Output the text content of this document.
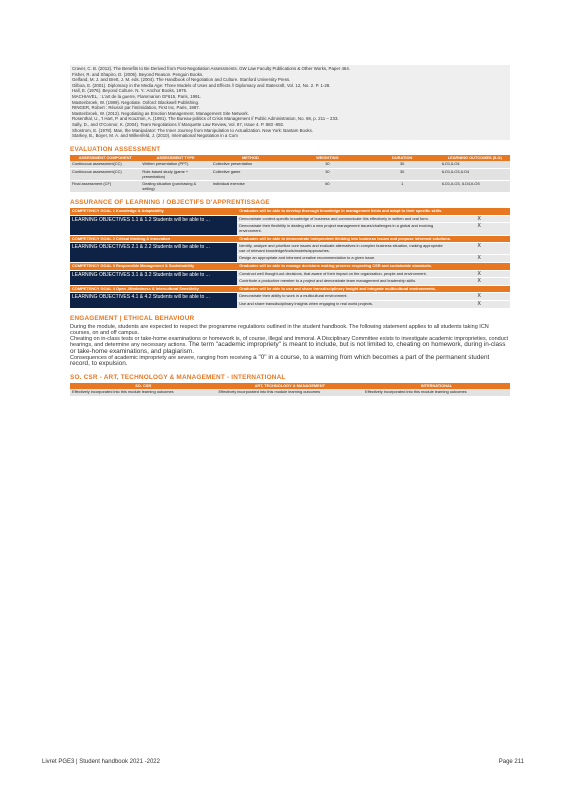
Craver, C. B. (2012). The Benefits to Be Derived from Post-Negotiation Assessments. GW Law Faculty Publications & Other Works, Paper 464.

Fisher, R. and Shapiro, D. (2005). Beyond Reason. Penguin Books.

Gelfand, M. J. and Brett, J. M. eds. (2004). The Handbook of Negotiation and Culture. Stanford University Press.

Gilboa, E. (2001). Diplomacy in the Media Age: Three Models of Uses and Effects // Diplomacy and Statecraft, Vol. 12, No. 2. P. 1-28.

Hall, E. (1976). Beyond Culture. N. Y.: Anchor Books, 1976.

MACHIAVEL, : L'art de la guerre, Flammarion GF615, Paris, 1991.

Mastenbroek, W. (1989). Negotiate. Oxford: Blackwell Publishing.

RINGER, Robert : Réussir par l'intimidation, First Inc, Paris, 1987.

Mastenbroek, W. (2012). Negotiating as Emotion Management. Management Site Network.

Rosenthal, U., 't Hart, P. and Kouzmin, A. (1991). The Bureau-politics of Crisis Management // Public Administration, No. 69, p. 211 – 233.

Sally, D., and O'Connor, K. (2004). Team Negotiations // Marquette Law Review, Vol. 87, Issue 4. P. 883 -892.

Shostrom, E. (1978). Man, the Manipulator: The Inner Journey from Manipulation to Actualization. New York: Bantam Books.

Starkey, B., Boyer, M. A. and Wilkenfeld, J. (2010). International Negotiation in a Com

EVALUATION ASSESSMENT
ASSESSMENT COMPONENT	ASSESSMENT TYPE	METHOD	WEIGHTING	DURATION	LEARNING OUTCOMES (ILO)
Continuous assessment(CC)	Written presentation (PPT)	Collective presentation	30	30	ILO1,ILO4
Continuous assessment(CC)	Role-based study (game + presentation)	Collective game	30	30	ILO1,ILO3,ILO4
Final assessment (CF)	Dealing situation (purchasing & selling)	Individual exercise	60	1	ILO1,ILO3, ILO4,ILO5
ASSURANCE OF LEARNING / OBJECTIFS D'APPRENTISSAGE
COMPETENCY GOAL 1 Knowledge & Adaptability	Graduates will be able to develop thorough knowledge in management fields and adapt to their specific skills.	
LEARNING OBJECTIVES 1.1 & 1.2 Students will be able to ...	Demonstrate context-specific knowledge of business and communicate this effectively in written and oral form.	X
	Demonstrate their flexibility in dealing with a new project management issues/challenges in a global and evolving environment.	X
COMPETENCY GOAL 2 Critical thinking & Innovation	Graduates will be able to demonstrate independent thinking into business issues and propose informed solutions.	
LEARNING OBJECTIVES 2.1 & 2.2 Students will be able to ...	Identify, analyze and prioritize core issues and evaluate alternatives in complex business situation, making appropriate use of relevant knowledge/tools/models/approaches.	X
	Design an appropriate and informed creative recommendation to a given issue.	X
COMPETENCY GOAL 3 Responsible Management & Sustainability	Graduates will be able to manage decisions making process respecting CSR and sustainable standards.	
LEARNING OBJECTIVES 3.1 & 3.2 Students will be able to ...	Construct well thought-out decisions, that aware of their impact on the organization, people and environment.	X
	Contribute a productive member to a project and demonstrate team management and leadership skills.	X
COMPETENCY GOAL 4 Open -Mindedness & Intercultural Sensitivity	Graduates will be able to use and share transdisciplinary insight and integrate multicultural environments.	
LEARNING OBJECTIVES 4.1 & 4.2 Students will be able to ...	Demonstrate their ability to work in a multicultural environment.	X
	Use and share transdisciplinary insights when engaging in real world projects.	X
ENGAGEMENT | ETHICAL BEHAVIOUR

During the module, students are expected to respect the programme regulations outlined in the student handbook. The following statement applies to all students taking ICN courses, on and off campus.

Cheating on in-class tests or take-home examinations or homework is, of course, illegal and immoral. A Disciplinary Committee exists to investigate academic improprieties, conduct hearings, and determine any necessary actions. The term "academic impropriety" is meant to include, but is not limited to, cheating on homework, during in-class or take-home examinations, and plagiarism.

Consequences of academic impropriety are severe, ranging from receiving a "0" in a course, to a warning from which becomes a part of the permanent student record, to expulsion.

SO. CSR - ART, TECHNOLOGY & MANAGEMENT - INTERNATIONAL
SO. CSR	ART, TECHNOLOGY & MANAGEMENT	INTERNATIONAL
Effectively incorporated into this module learning outcomes	Effectively incorporated into this module learning outcomes	Effectively incorporated into this module learning outcomes
Livret PGE3 | Student handbook 2021 -2022	Page 211
